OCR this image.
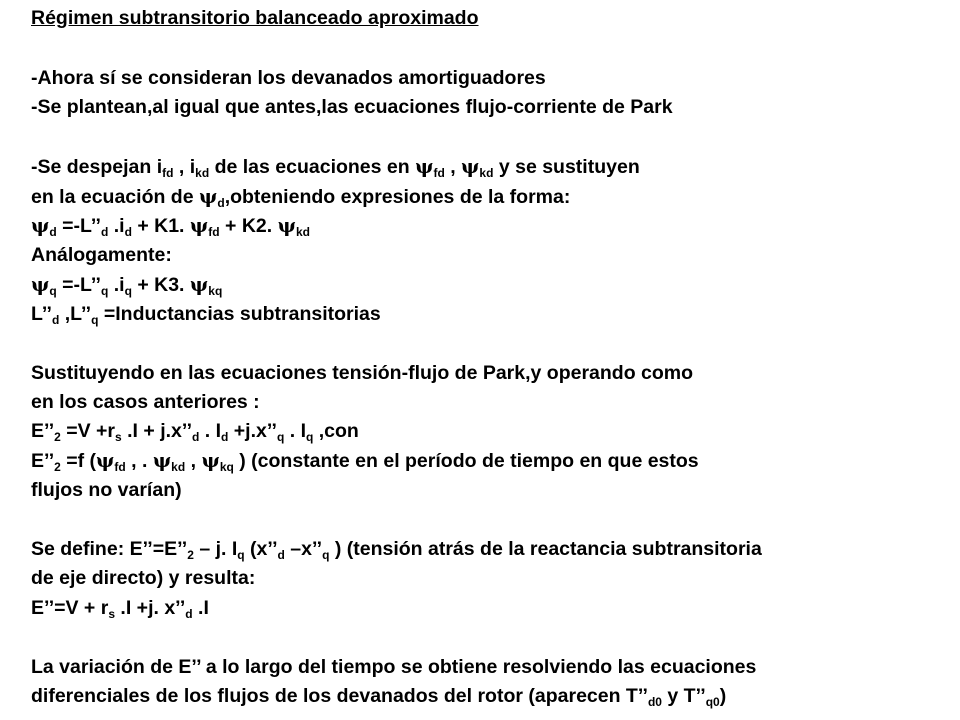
Régimen subtransitorio balanceado aproximado
-Ahora sí se consideran los devanados amortiguadores
-Se plantean,al igual que antes,las ecuaciones flujo-corriente de Park
-Se despejan $i_{fd}$ , $i_{kd}$ de las ecuaciones en $\psi_{fd}$ , $\psi_{kd}$ y se sustituyen
en la ecuación de $\psi_d,obteniendo$ expresiones de la forma:
$\psi_d$ $=-L’’_d$ $.i_d + K1$. $\psi_{fd} + K2$. $\psi_{kd}$
Análogamente:
$\psi_q$ $=-L’’_q$ $.i_q + K3$. $\psi_{kq}$
$L’’_d$ $,L’’_q$ =Inductancias subtransitorias
Sustituyendo en las ecuaciones tensión-flujo de Park,y operando como
en los casos anteriores :
$E’’_2 =V +r_s$ $.I + j.x’’_d$ . $I_d$ $+j.x’’_q$ . $I_q$ ,con
$E’’_2 =f$ ($\psi_{fd}$ , . $\psi_{kd}$ , $\psi_{kq}$ ) (constante en el período de tiempo en que estos
flujos no varían)
Se define: $E’’=E’’_2 - j$. $I_q$ ($x’’_d$ $-x’’_q$ ) (tensión atrás de la reactancia subtransitoria
de eje directo) y resulta:
E’’=V + $r_s$ .I +j. $x’’_d$ .I
La variación de E’’ a lo largo del tiempo se obtiene resolviendo las ecuaciones
diferenciales de los flujos de los devanados del rotor (aparecen $T’’_{d0}$ y $T’’_{q0}$)
